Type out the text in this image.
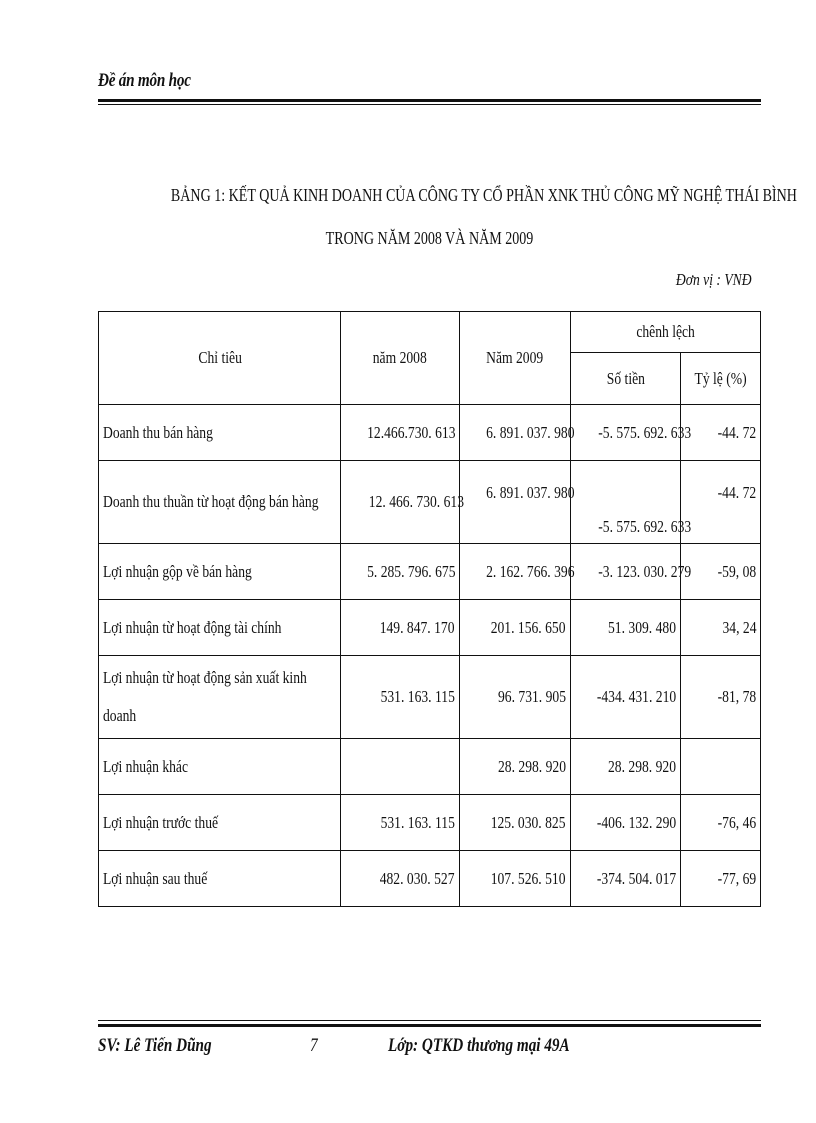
Đề án môn học
BẢNG 1: KẾT QUẢ KINH DOANH CỦA CÔNG TY CỔ PHẦN XNK THỦ CÔNG MỸ NGHỆ THÁI BÌNH
TRONG NĂM 2008 VÀ NĂM 2009
Đơn vị : VNĐ
Chỉ tiêu	năm 2008	Năm 2009	chênh lệch	
			Số tiền	Tỷ lệ (%)
Doanh thu bán hàng	12.466.730. 613	6. 891. 037. 980	-5. 575. 692. 633	-44. 72

Doanh thu thuần từ hoạt động bán hàng	12. 466. 730. 613	6. 891. 037. 980	-5. 575. 692. 633	-44. 72
Lợi nhuận gộp về bán hàng	5. 285. 796. 675	2. 162. 766. 396	-3. 123. 030. 279	-59, 08
Lợi nhuận từ hoạt động tài chính	149. 847. 170	201. 156. 650	51. 309. 480	34, 24

Lợi nhuận từ hoạt động sản xuất kinh doanh	531. 163. 115	96. 731. 905	-434. 431. 210	-81, 78
Lợi nhuận khác		28. 298. 920	28. 298. 920	
Lợi nhuận trước thuế	531. 163. 115	125. 030. 825	-406. 132. 290	-76, 46
Lợi nhuận sau thuế	482. 030. 527	107. 526. 510	-374. 504. 017	-77, 69
SV: Lê Tiến Dũng	7	Lớp: QTKD thương mại 49A
